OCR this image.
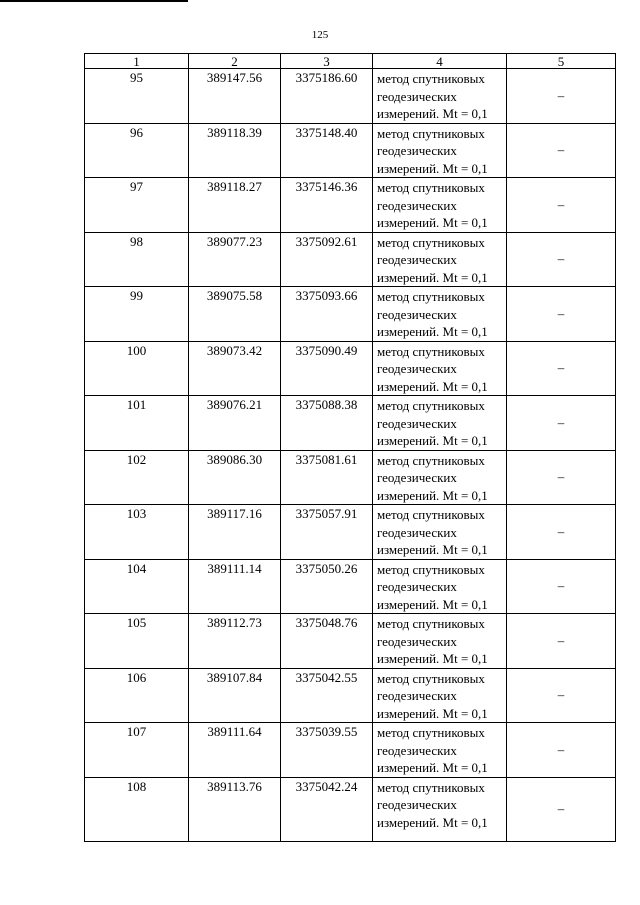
125
1	2	3	4	5
95	389147.56	3375186.60	метод спутниковых
геодезических
измерений. Mt = 0,1	–
96	389118.39	3375148.40	метод спутниковых
геодезических
измерений. Mt = 0,1	–
97	389118.27	3375146.36	метод спутниковых
геодезических
измерений. Mt = 0,1	–
98	389077.23	3375092.61	метод спутниковых
геодезических
измерений. Mt = 0,1	–
99	389075.58	3375093.66	метод спутниковых
геодезических
измерений. Mt = 0,1	–
100	389073.42	3375090.49	метод спутниковых
геодезических
измерений. Mt = 0,1	–
101	389076.21	3375088.38	метод спутниковых
геодезических
измерений. Mt = 0,1	–
102	389086.30	3375081.61	метод спутниковых
геодезических
измерений. Mt = 0,1	–
103	389117.16	3375057.91	метод спутниковых
геодезических
измерений. Mt = 0,1	–
104	389111.14	3375050.26	метод спутниковых
геодезических
измерений. Mt = 0,1	–
105	389112.73	3375048.76	метод спутниковых
геодезических
измерений. Mt = 0,1	–
106	389107.84	3375042.55	метод спутниковых
геодезических
измерений. Mt = 0,1	–
107	389111.64	3375039.55	метод спутниковых
геодезических
измерений. Mt = 0,1	–
108	389113.76	3375042.24	метод спутниковых
геодезических
измерений. Mt = 0,1	–
